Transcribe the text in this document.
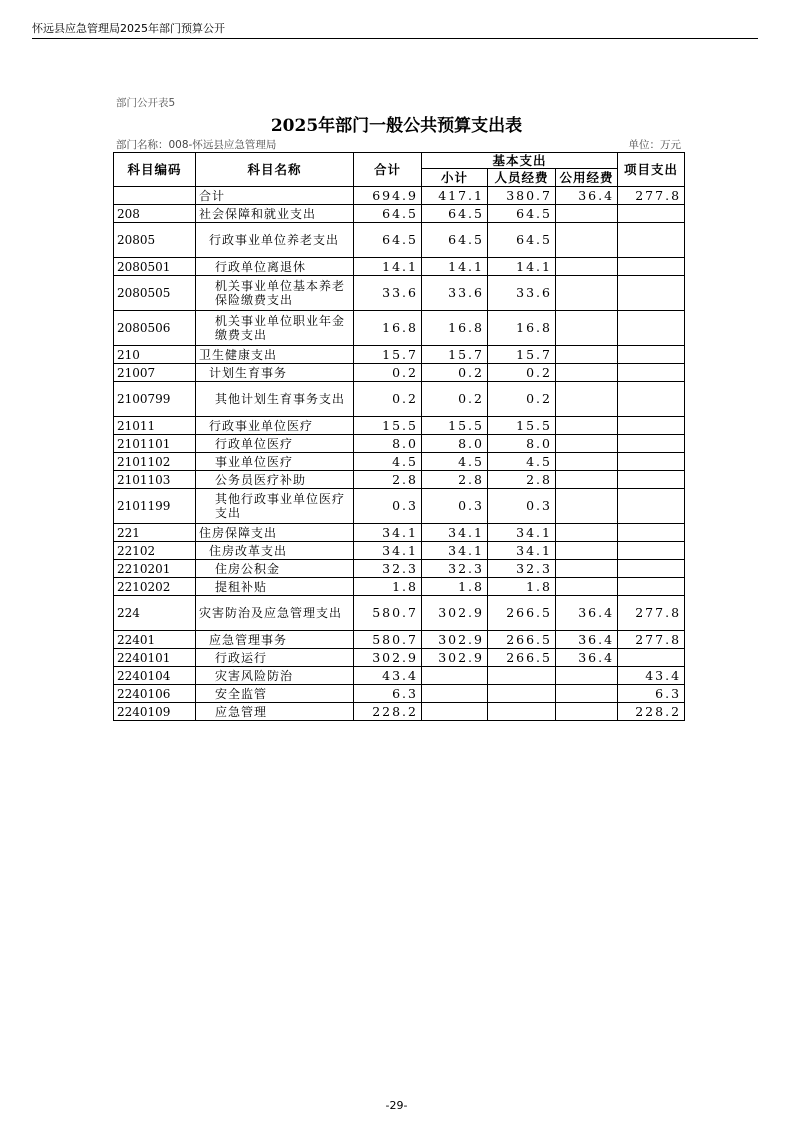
怀远县应急管理局2025年部门预算公开
部门公开表5
2025年部门一般公共预算支出表
部门名称：008-怀远县应急管理局	单位：万元
科目编码	科目名称	合计	基本支出			项目支出
			小计	人员经费	公用经费	
	合计	694.9	417.1	380.7	36.4	277.8
208	社会保障和就业支出	64.5	64.5	64.5		
20805	行政事业单位养老支出	64.5	64.5	64.5		
2080501	行政单位离退休	14.1	14.1	14.1		
2080505	机关事业单位基本养老保险缴费支出	33.6	33.6	33.6		
2080506	机关事业单位职业年金缴费支出	16.8	16.8	16.8		
210	卫生健康支出	15.7	15.7	15.7		
21007	计划生育事务	0.2	0.2	0.2		
2100799	其他计划生育事务支出	0.2	0.2	0.2		
21011	行政事业单位医疗	15.5	15.5	15.5		
2101101	行政单位医疗	8.0	8.0	8.0		
2101102	事业单位医疗	4.5	4.5	4.5		
2101103	公务员医疗补助	2.8	2.8	2.8		
2101199	其他行政事业单位医疗支出	0.3	0.3	0.3		
221	住房保障支出	34.1	34.1	34.1		
22102	住房改革支出	34.1	34.1	34.1		
2210201	住房公积金	32.3	32.3	32.3		
2210202	提租补贴	1.8	1.8	1.8		
224	灾害防治及应急管理支出	580.7	302.9	266.5	36.4	277.8
22401	应急管理事务	580.7	302.9	266.5	36.4	277.8
2240101	行政运行	302.9	302.9	266.5	36.4	
2240104	灾害风险防治	43.4				43.4
2240106	安全监管	6.3				6.3
2240109	应急管理	228.2				228.2
-29-
